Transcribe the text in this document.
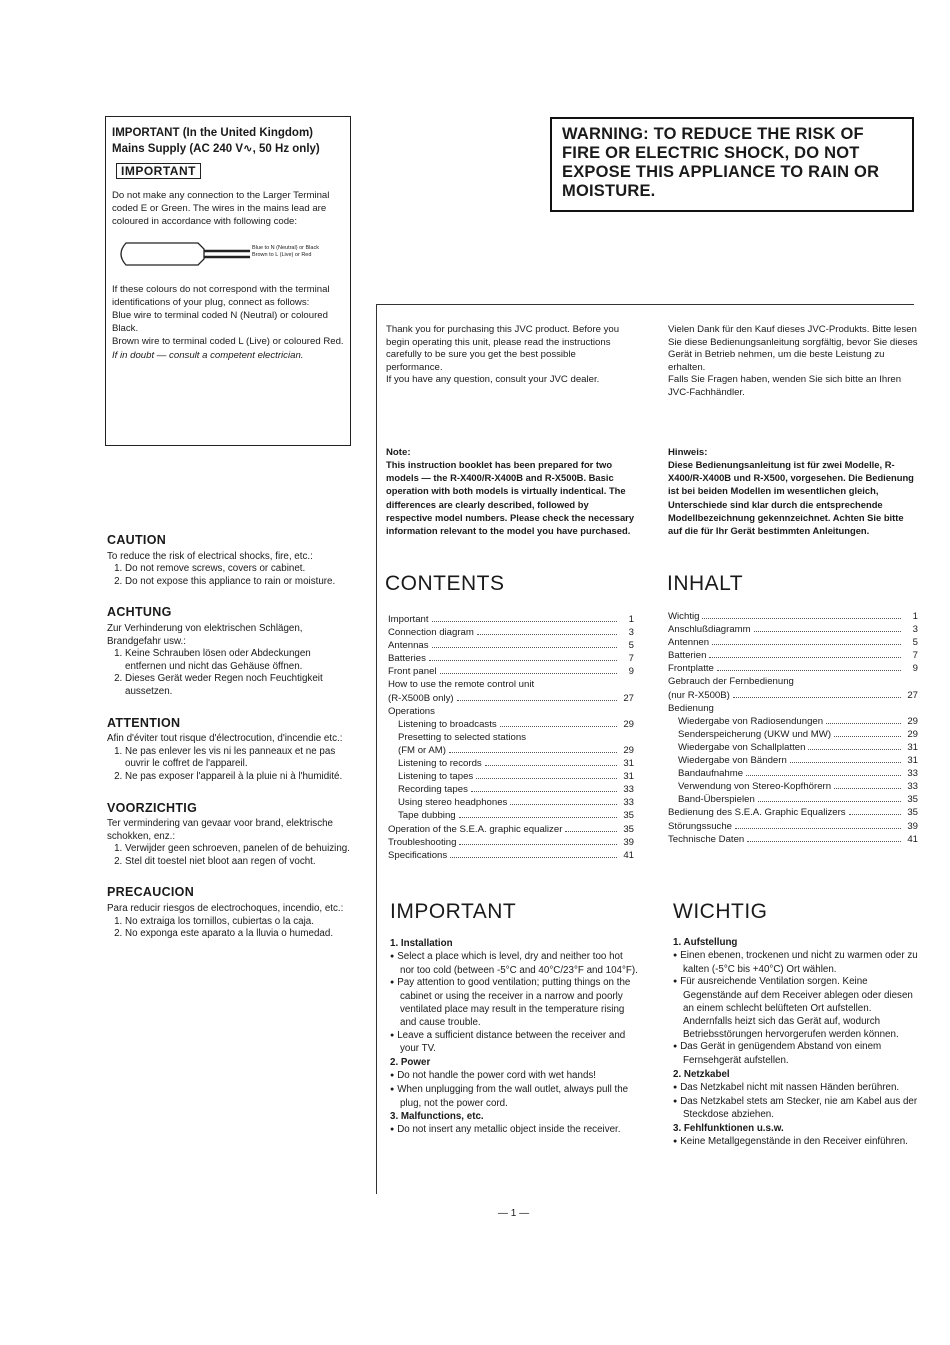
IMPORTANT (In the United Kingdom) Mains Supply (AC 240 V∿, 50 Hz only)
IMPORTANT

Do not make any connection to the Larger Terminal coded E or Green. The wires in the mains lead are coloured in accordance with following code:

Blue to N (Neutral) or Black
Brown to L (Live) or Red

If these colours do not correspond with the terminal identifications of your plug, connect as follows:

Blue wire to terminal coded N (Neutral) or coloured Black.

Brown wire to terminal coded L (Live) or coloured Red.

If in doubt — consult a competent electrician.

CAUTION

To reduce the risk of electrical shocks, fire, etc.:

1. Do not remove screws, covers or cabinet.
2. Do not expose this appliance to rain or moisture.
ACHTUNG

Zur Verhinderung von elektrischen Schlägen, Brandgefahr usw.:

1. Keine Schrauben lösen oder Abdeckungen entfernen und nicht das Gehäuse öffnen.
2. Dieses Gerät weder Regen noch Feuchtigkeit aussetzen.
ATTENTION

Afin d'éviter tout risque d'électrocution, d'incendie etc.:

1. Ne pas enlever les vis ni les panneaux et ne pas ouvrir le coffret de l'appareil.
2. Ne pas exposer l'appareil à la pluie ni à l'humidité.
VOORZICHTIG

Ter vermindering van gevaar voor brand, elektrische schokken, enz.:

1. Verwijder geen schroeven, panelen of de behuizing.
2. Stel dit toestel niet bloot aan regen of vocht.
PRECAUCION

Para reducir riesgos de electrochoques, incendio, etc.:

1. No extraiga los tornillos, cubiertas o la caja.
2. No exponga este aparato a la lluvia o humedad.
WARNING: TO REDUCE THE RISK OF
FIRE OR ELECTRIC SHOCK, DO NOT
EXPOSE THIS APPLIANCE TO RAIN OR
MOISTURE.

Thank you for purchasing this JVC product. Before you begin operating this unit, please read the instructions carefully to be sure you get the best possible performance.

If you have any question, consult your JVC dealer.

Vielen Dank für den Kauf dieses JVC-Produkts. Bitte lesen Sie diese Bedienungsanleitung sorgfältig, bevor Sie dieses Gerät in Betrieb nehmen, um die beste Leistung zu erhalten.

Falls Sie Fragen haben, wenden Sie sich bitte an Ihren JVC-Fachhändler.

Note:
This instruction booklet has been prepared for two models — the R-X400/R-X400B and R-X500B. Basic operation with both models is virtually indentical. The differences are clearly described, followed by respective model numbers. Please check the necessary information relevant to the model you have purchased.
Hinweis:
Diese Bedienungsanleitung ist für zwei Modelle, R-X400/R-X400B und R-X500, vorgesehen. Die Bedienung ist bei beiden Modellen im wesentlichen gleich, Unterschiede sind klar durch die entsprechende Modellbezeichnung gekennzeichnet. Achten Sie bitte auf die für Ihr Gerät bestimmten Anleitungen.
CONTENTS
Important	1
Connection diagram	3
Antennas	5
Batteries	7
Front panel	9
How to use the remote control unit
(R-X500B only)	27
Operations
Listening to broadcasts	29
Presetting to selected stations
(FM or AM)	29
Listening to records	31
Listening to tapes	31
Recording tapes	33
Using stereo headphones	33
Tape dubbing	35
Operation of the S.E.A. graphic equalizer	35
Troubleshooting	39
Specifications	41
INHALT
Wichtig	1
Anschlußdiagramm	3
Antennen	5
Batterien	7
Frontplatte	9
Gebrauch der Fernbedienung
(nur R-X500B)	27
Bedienung
Wiedergabe von Radiosendungen	29
Senderspeicherung (UKW und MW)	29
Wiedergabe von Schallplatten	31
Wiedergabe von Bändern	31
Bandaufnahme	33
Verwendung von Stereo-Kopfhörern	33
Band-Überspielen	35
Bedienung des S.E.A. Graphic Equalizers	35
Störungssuche	39
Technische Daten	41
IMPORTANT
1. Installation
● Select a place which is level, dry and neither too hot nor too cold (between -5°C and 40°C/23°F and 104°F).
● Pay attention to good ventilation; putting things on the cabinet or using the receiver in a narrow and poorly ventilated place may result in the temperature rising and cause trouble.
● Leave a sufficient distance between the receiver and your TV.
2. Power
● Do not handle the power cord with wet hands!
● When unplugging from the wall outlet, always pull the plug, not the power cord.
3. Malfunctions, etc.
● Do not insert any metallic object inside the receiver.
WICHTIG
1. Aufstellung
● Einen ebenen, trockenen und nicht zu warmen oder zu kalten (-5°C bis +40°C) Ort wählen.
● Für ausreichende Ventilation sorgen. Keine Gegenstände auf dem Receiver ablegen oder diesen an einem schlecht belüfteten Ort aufstellen. Andernfalls heizt sich das Gerät auf, wodurch Betriebsstörungen hervorgerufen werden können.
● Das Gerät in genügendem Abstand von einem Fernsehgerät aufstellen.
2. Netzkabel
● Das Netzkabel nicht mit nassen Händen berühren.
● Das Netzkabel stets am Stecker, nie am Kabel aus der Steckdose abziehen.
3. Fehlfunktionen u.s.w.
● Keine Metallgegenstände in den Receiver einführen.
— 1 —
